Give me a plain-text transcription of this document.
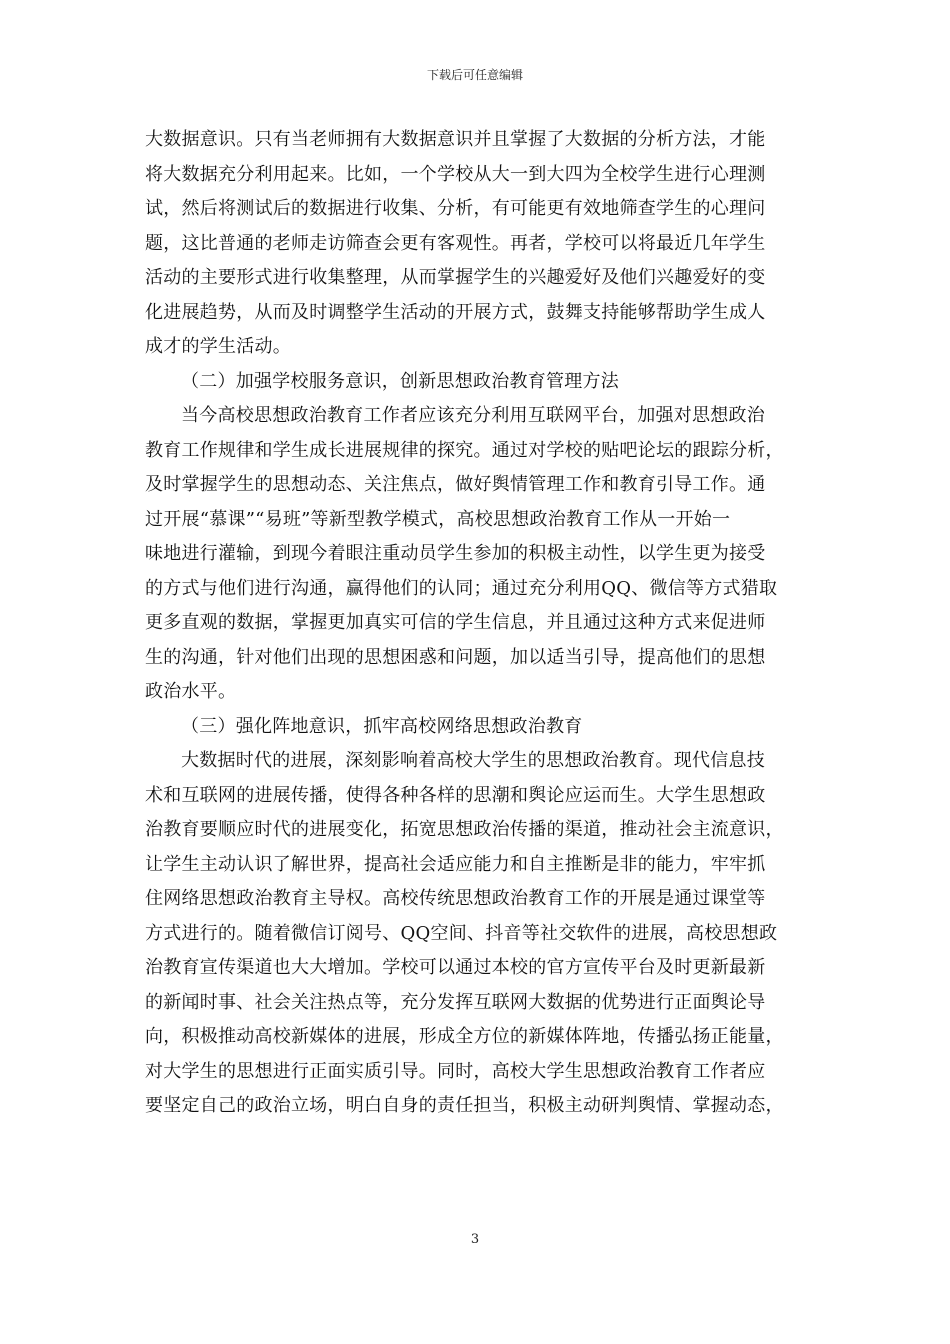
下载后可任意编辑
大数据意识。只有当老师拥有大数据意识并且掌握了大数据的分析方法，才能
将大数据充分利用起来。比如，一个学校从大一到大四为全校学生进行心理测
试，然后将测试后的数据进行收集、分析，有可能更有效地筛查学生的心理问
题，这比普通的老师走访筛查会更有客观性。再者，学校可以将最近几年学生
活动的主要形式进行收集整理，从而掌握学生的兴趣爱好及他们兴趣爱好的变
化进展趋势，从而及时调整学生活动的开展方式，鼓舞支持能够帮助学生成人
成才的学生活动。
（二）加强学校服务意识，创新思想政治教育管理方法
当今高校思想政治教育工作者应该充分利用互联网平台，加强对思想政治
教育工作规律和学生成长进展规律的探究。通过对学校的贴吧论坛的跟踪分析，
及时掌握学生的思想动态、关注焦点，做好舆情管理工作和教育引导工作。通
过开展“慕课”“易班”等新型教学模式，高校思想政治教育工作从一开始一
味地进行灌输，到现今着眼注重动员学生参加的积极主动性，以学生更为接受
的方式与他们进行沟通，赢得他们的认同；通过充分利用QQ、微信等方式猎取
更多直观的数据，掌握更加真实可信的学生信息，并且通过这种方式来促进师
生的沟通，针对他们出现的思想困惑和问题，加以适当引导，提高他们的思想
政治水平。
（三）强化阵地意识，抓牢高校网络思想政治教育
大数据时代的进展，深刻影响着高校大学生的思想政治教育。现代信息技
术和互联网的进展传播，使得各种各样的思潮和舆论应运而生。大学生思想政
治教育要顺应时代的进展变化，拓宽思想政治传播的渠道，推动社会主流意识，
让学生主动认识了解世界，提高社会适应能力和自主推断是非的能力，牢牢抓
住网络思想政治教育主导权。高校传统思想政治教育工作的开展是通过课堂等
方式进行的。随着微信订阅号、QQ空间、抖音等社交软件的进展，高校思想政
治教育宣传渠道也大大增加。学校可以通过本校的官方宣传平台及时更新最新
的新闻时事、社会关注热点等，充分发挥互联网大数据的优势进行正面舆论导
向，积极推动高校新媒体的进展，形成全方位的新媒体阵地，传播弘扬正能量，
对大学生的思想进行正面实质引导。同时，高校大学生思想政治教育工作者应
要坚定自己的政治立场，明白自身的责任担当，积极主动研判舆情、掌握动态，
3
